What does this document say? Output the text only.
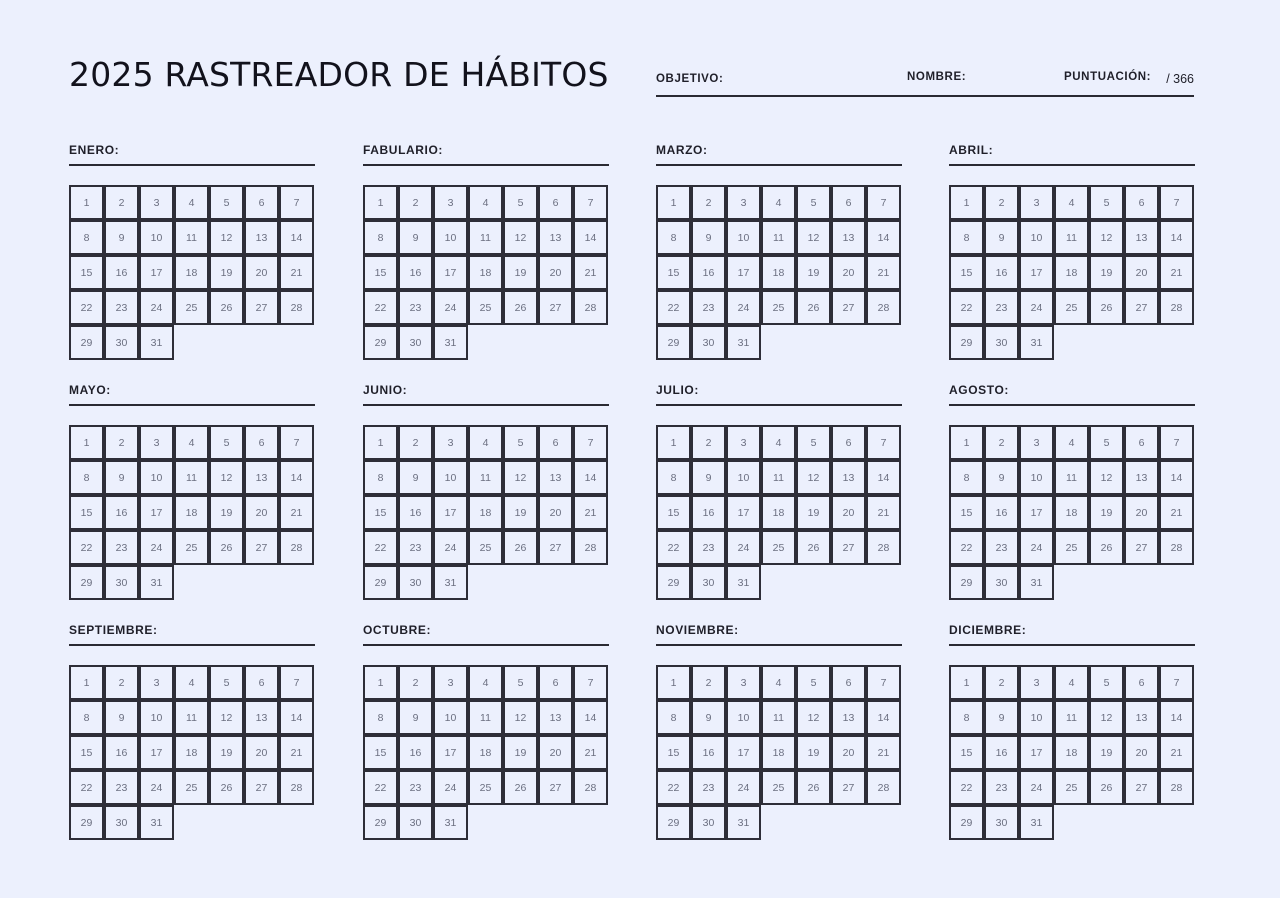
2025 RASTREADOR DE HÁBITOS	OBJETIVO:	NOMBRE:	PUNTUACIÓN: / 366
ENERO:
1	2	3	4	5	6	7
8	9	10	11	12	13	14
15	16	17	18	19	20	21
22	23	24	25	26	27	28
29	30	31
FABULARIO:
1	2	3	4	5	6	7
8	9	10	11	12	13	14
15	16	17	18	19	20	21
22	23	24	25	26	27	28
29	30	31
MARZO:
1	2	3	4	5	6	7
8	9	10	11	12	13	14
15	16	17	18	19	20	21
22	23	24	25	26	27	28
29	30	31
ABRIL:
1	2	3	4	5	6	7
8	9	10	11	12	13	14
15	16	17	18	19	20	21
22	23	24	25	26	27	28
29	30	31
MAYO:
1	2	3	4	5	6	7
8	9	10	11	12	13	14
15	16	17	18	19	20	21
22	23	24	25	26	27	28
29	30	31
JUNIO:
1	2	3	4	5	6	7
8	9	10	11	12	13	14
15	16	17	18	19	20	21
22	23	24	25	26	27	28
29	30	31
JULIO:
1	2	3	4	5	6	7
8	9	10	11	12	13	14
15	16	17	18	19	20	21
22	23	24	25	26	27	28
29	30	31
AGOSTO:
1	2	3	4	5	6	7
8	9	10	11	12	13	14
15	16	17	18	19	20	21
22	23	24	25	26	27	28
29	30	31
SEPTIEMBRE:
1	2	3	4	5	6	7
8	9	10	11	12	13	14
15	16	17	18	19	20	21
22	23	24	25	26	27	28
29	30	31
OCTUBRE:
1	2	3	4	5	6	7
8	9	10	11	12	13	14
15	16	17	18	19	20	21
22	23	24	25	26	27	28
29	30	31
NOVIEMBRE:
1	2	3	4	5	6	7
8	9	10	11	12	13	14
15	16	17	18	19	20	21
22	23	24	25	26	27	28
29	30	31
DICIEMBRE:
1	2	3	4	5	6	7
8	9	10	11	12	13	14
15	16	17	18	19	20	21
22	23	24	25	26	27	28
29	30	31
